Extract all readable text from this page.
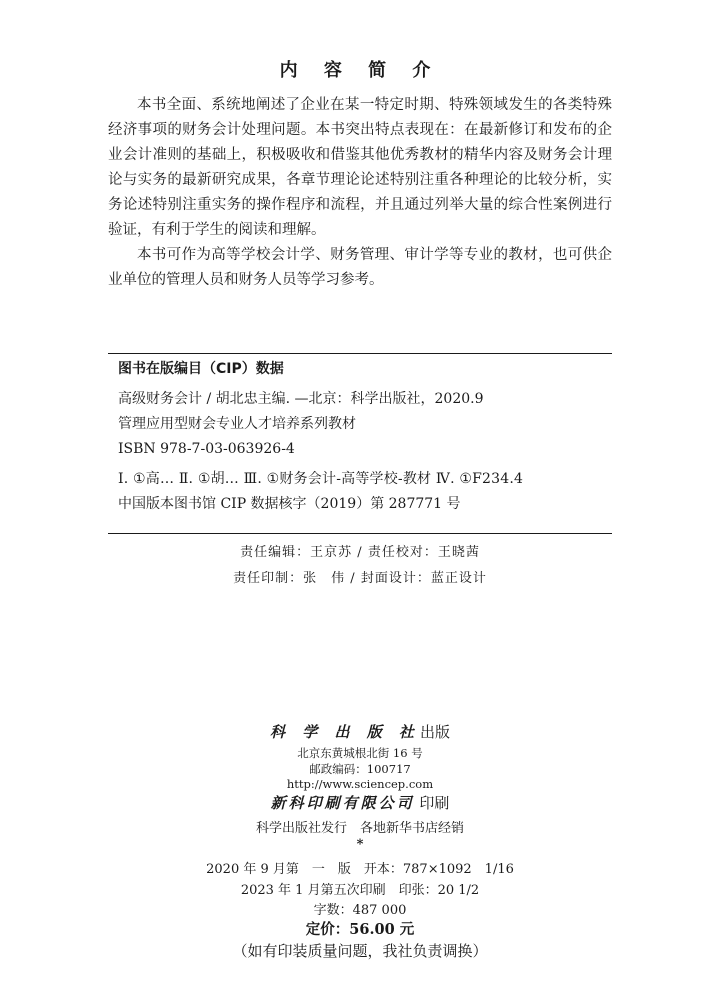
内 容 简 介

本书全面、系统地阐述了企业在某一特定时期、特殊领域发生的各类特殊经济事项的财务会计处理问题。本书突出特点表现在：在最新修订和发布的企业会计准则的基础上，积极吸收和借鉴其他优秀教材的精华内容及财务会计理论与实务的最新研究成果，各章节理论论述特别注重各种理论的比较分析，实务论述特别注重实务的操作程序和流程，并且通过列举大量的综合性案例进行验证，有利于学生的阅读和理解。

本书可作为高等学校会计学、财务管理、审计学等专业的教材，也可供企业单位的管理人员和财务人员等学习参考。

图书在版编目（CIP）数据
高级财务会计 / 胡北忠主编. —北京：科学出版社，2020.9
管理应用型财会专业人才培养系列教材
ISBN 978-7-03-063926-4
Ⅰ. ①高… Ⅱ. ①胡… Ⅲ. ①财务会计-高等学校-教材 Ⅳ. ①F234.4
中国版本图书馆 CIP 数据核字（2019）第 287771 号
责任编辑：王京苏 / 责任校对：王晓茜
责任印制：张　伟 / 封面设计：蓝正设计
科 学 出 版 社出版
北京东黄城根北街 16 号
邮政编码：100717
http://www.sciencep.com
新科印刷有限公司 印刷
科学出版社发行　各地新华书店经销
*
2020 年 9 月第　一　版　开本：787×1092　1/16
2023 年 1 月第五次印刷　印张：20 1/2
字数：487 000
定价：56.00 元
（如有印装质量问题，我社负责调换）
